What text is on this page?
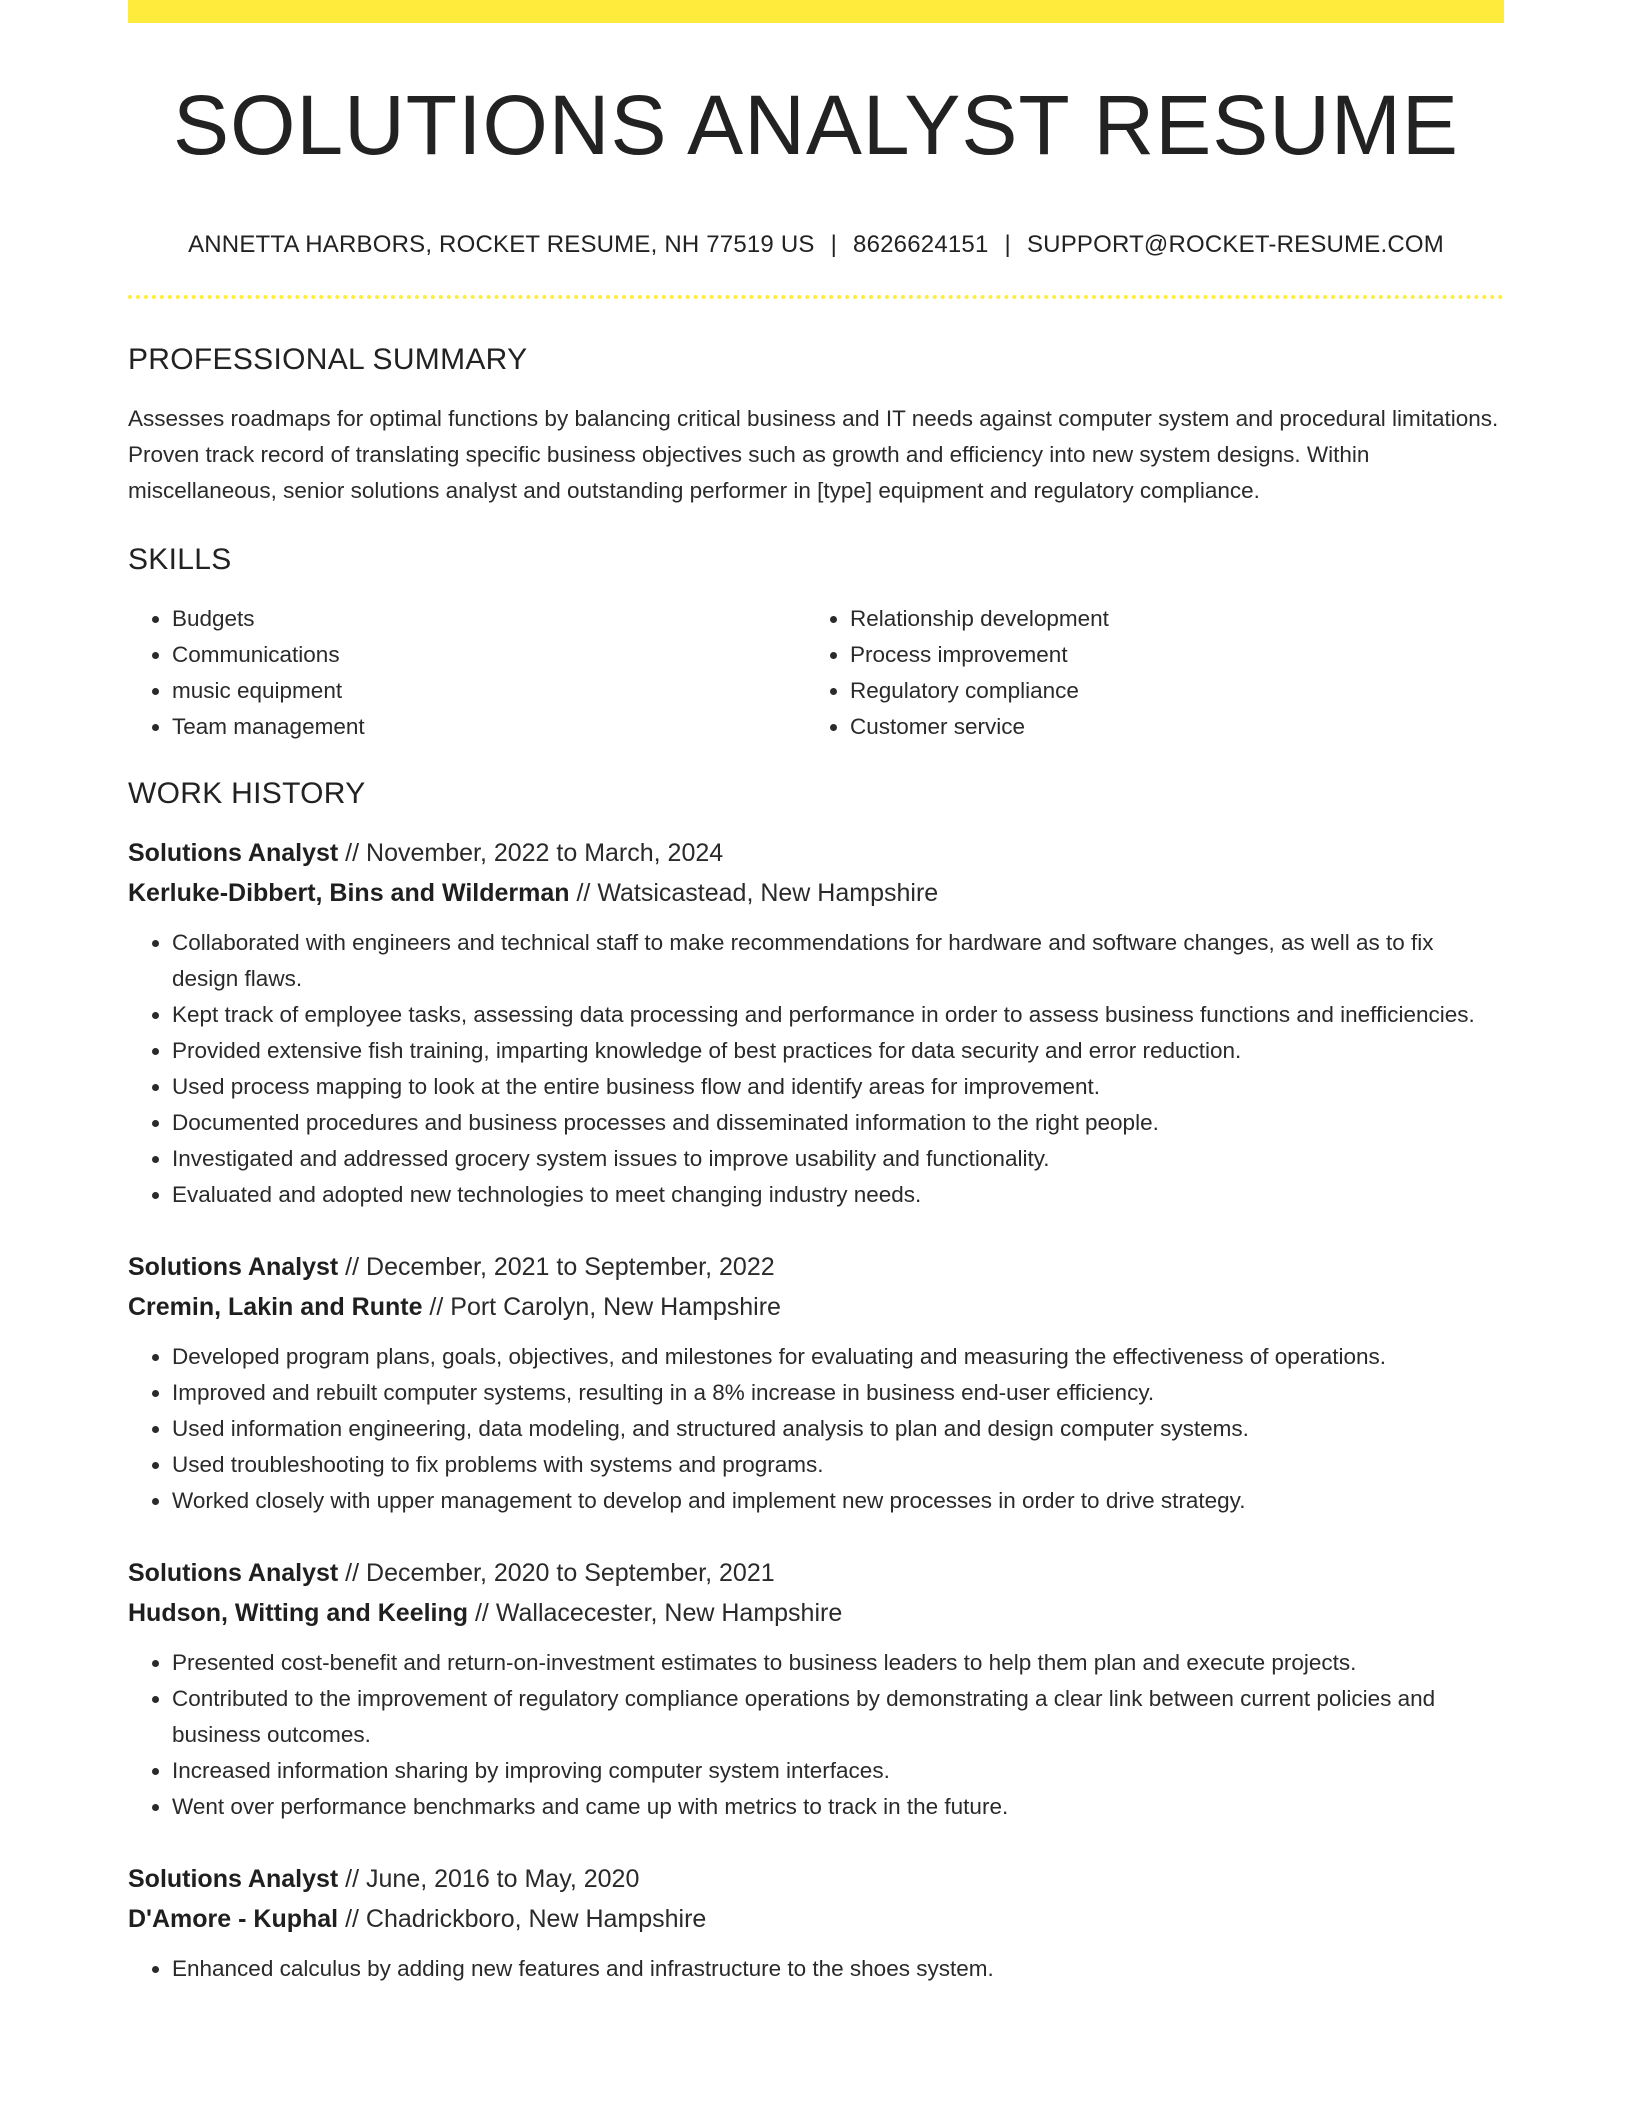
SOLUTIONS ANALYST RESUME
ANNETTA HARBORS, ROCKET RESUME, NH 77519 US | 8626624151 | SUPPORT@ROCKET-RESUME.COM
PROFESSIONAL SUMMARY

Assesses roadmaps for optimal functions by balancing critical business and IT needs against computer system and procedural limitations. Proven track record of translating specific business objectives such as growth and efficiency into new system designs. Within miscellaneous, senior solutions analyst and outstanding performer in [type] equipment and regulatory compliance.

SKILLS
• Budgets
• Communications
• music equipment
• Team management
• Relationship development
• Process improvement
• Regulatory compliance
• Customer service
WORK HISTORY
Solutions Analyst // November, 2022 to March, 2024
Kerluke-Dibbert, Bins and Wilderman // Watsicastead, New Hampshire
• Collaborated with engineers and technical staff to make recommendations for hardware and software changes, as well as to fix design flaws.
• Kept track of employee tasks, assessing data processing and performance in order to assess business functions and inefficiencies.
• Provided extensive fish training, imparting knowledge of best practices for data security and error reduction.
• Used process mapping to look at the entire business flow and identify areas for improvement.
• Documented procedures and business processes and disseminated information to the right people.
• Investigated and addressed grocery system issues to improve usability and functionality.
• Evaluated and adopted new technologies to meet changing industry needs.
Solutions Analyst // December, 2021 to September, 2022
Cremin, Lakin and Runte // Port Carolyn, New Hampshire
• Developed program plans, goals, objectives, and milestones for evaluating and measuring the effectiveness of operations.
• Improved and rebuilt computer systems, resulting in a 8% increase in business end-user efficiency.
• Used information engineering, data modeling, and structured analysis to plan and design computer systems.
• Used troubleshooting to fix problems with systems and programs.
• Worked closely with upper management to develop and implement new processes in order to drive strategy.
Solutions Analyst // December, 2020 to September, 2021
Hudson, Witting and Keeling // Wallacecester, New Hampshire
• Presented cost-benefit and return-on-investment estimates to business leaders to help them plan and execute projects.
• Contributed to the improvement of regulatory compliance operations by demonstrating a clear link between current policies and business outcomes.
• Increased information sharing by improving computer system interfaces.
• Went over performance benchmarks and came up with metrics to track in the future.
Solutions Analyst // June, 2016 to May, 2020
D'Amore - Kuphal // Chadrickboro, New Hampshire
• Enhanced calculus by adding new features and infrastructure to the shoes system.
